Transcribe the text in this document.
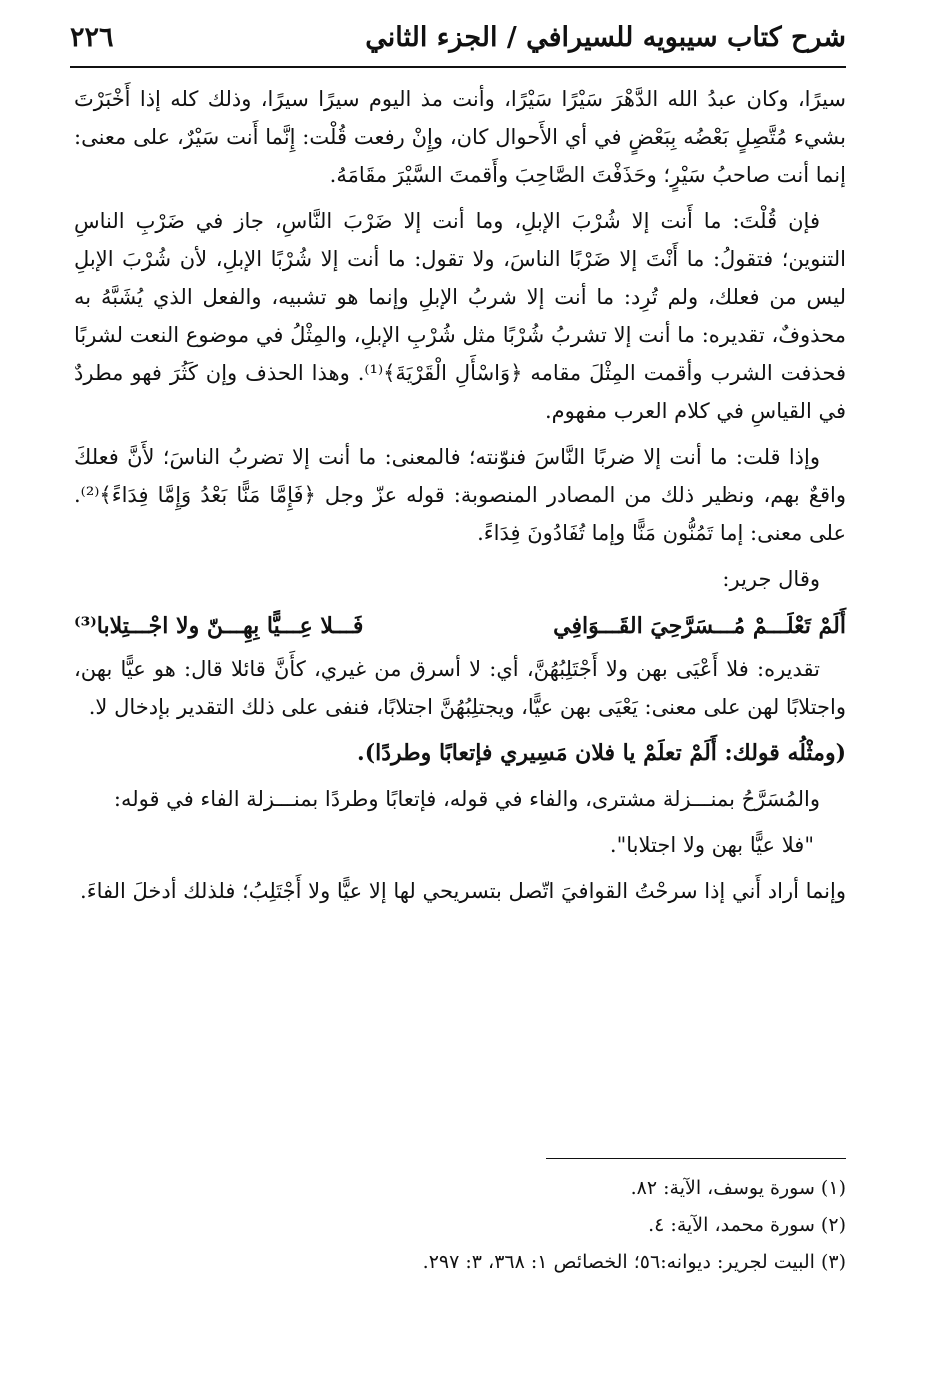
شرح كتاب سيبويه للسيرافي / الجزء الثاني
٢٢٦

سيرًا، وكان عبدُ الله الدَّهْرَ سَيْرًا سَيْرًا، وأنت مذ اليوم سيرًا سيرًا، وذلك كله إذا أَخْبَرْتَ بشيء مُتَّصِلٍ بَعْضُه بِبَعْضٍ في أي الأَحوال كان، وإِنْ رفعت قُلْت: إِنَّما أَنت سَيْرٌ، على معنى: إنما أنت صاحبُ سَيْرٍ؛ وحَذَفْتَ الصَّاحِبَ وأَقمتَ السَّيْرَ مقَامَهُ.

فإن قُلْتَ: ما أَنت إلا شُرْبَ الإبلِ، وما أنت إلا ضَرْبَ النَّاسِ، جاز في ضَرْبِ الناسِ التنوين؛ فتقولُ: ما أَنْتَ إلا ضَرْبًا الناسَ، ولا تقول: ما أنت إلا شُرْبًا الإبلِ، لأن شُرْبَ الإبلِ ليس من فعلك، ولم تُرِد: ما أنت إلا شربُ الإبلِ وإنما هو تشبيه، والفعل الذي يُشَبَّهُ به محذوفٌ، تقديره: ما أنت إلا تشربُ شُرْبًا مثل شُرْبِ الإبلِ، والمِثْلُ في موضوع النعت لشربًا فحذفت الشرب وأقمت المِثْلَ مقامه ﴿وَاسْأَلِ الْقَرْيَةَ﴾⁽¹⁾. وهذا الحذف وإن كَثُرَ فهو مطردٌ في القياسِ في كلام العرب مفهوم.

وإذا قلت: ما أنت إلا ضربًا النَّاسَ فنوّنته؛ فالمعنى: ما أنت إلا تضربُ الناسَ؛ لأَنَّ فعلكَ واقعٌ بهم، ونظير ذلك من المصادر المنصوبة: قوله عزّ وجل ﴿فَإِمَّا مَنًّا بَعْدُ وَإِمَّا فِدَاءً﴾⁽²⁾. على معنى: إما تَمُنُّون مَنًّا وإما تُفَادُونَ فِدَاءً.

وقال جرير:

أَلَمْ تَعْلَـــمْ مُـــسَرَّحِيَ القَـــوَافِي
فَـــلا عِـــيًّا بِهِـــنّ ولا اجْـــتِلابا⁽³⁾

تقديره: فلا أَعْيَى بهن ولا أَجْتَلِبُهُنَّ، أي: لا أسرق من غيري، كأَنَّ قائلا قال: هو عيًّا بهن، واجتلابًا لهن على معنى: يَعْيَى بهن عيًّا، ويجتلِبُهُنَّ اجتلابًا، فنفى على ذلك التقدير بإدخال لا.

(ومثْلُه قولك: أَلَمْ تعلَمْ يا فلان مَسِيري فإتعابًا وطردًا).

والمُسَرَّحُ بمنـــزلة مشترى، والفاء في قوله، فإتعابًا وطردًا بمنـــزلة الفاء في قوله:

"فلا عيًّا بهن ولا اجتلابا".

وإنما أراد أَني إذا سرحْتُ القوافيَ اتّصل بتسريحي لها إلا عيًّا ولا أَجْتَلِبُ؛ فلذلك أدخلَ الفاءَ.

(١) سورة يوسف، الآية: ٨٢.
(٢) سورة محمد، الآية: ٤.
(٣) البيت لجرير: ديوانه:٥٦؛ الخصائص ١: ٣٦٨، ٣: ٢٩٧.
